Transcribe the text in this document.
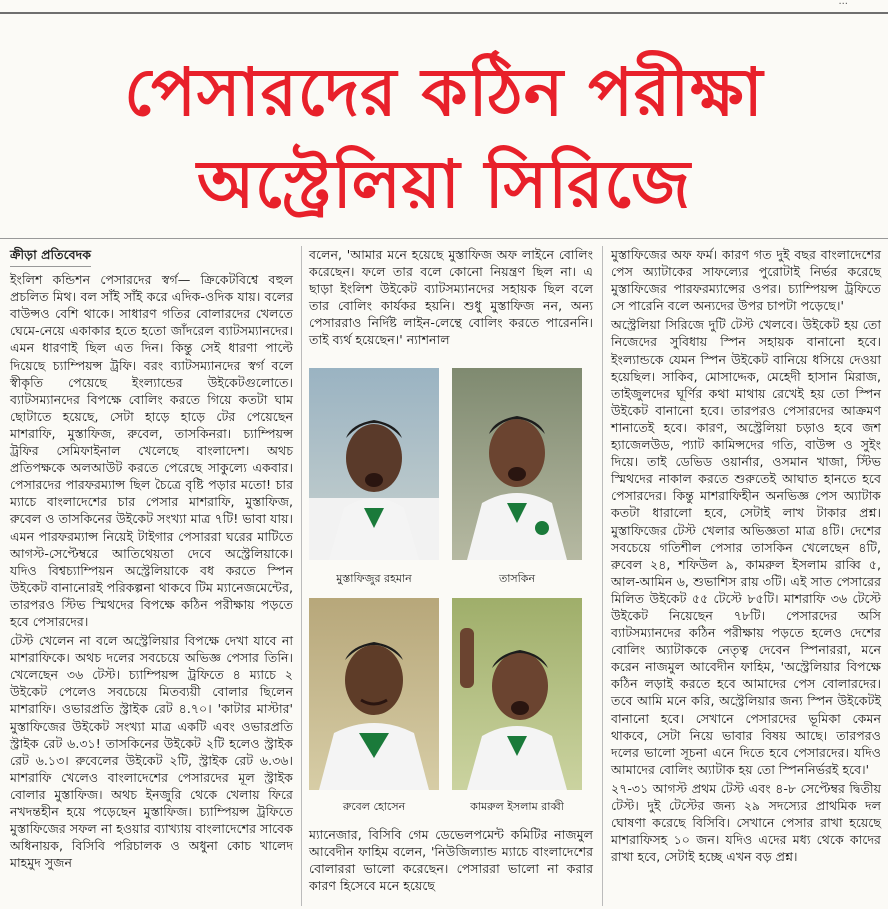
...
পেসারদের কঠিন পরীক্ষা
অস্ট্রেলিয়া সিরিজে
ক্রীড়া প্রতিবেদক

ইংলিশ কন্ডিশন পেসারদের স্বর্গ— ক্রিকেটবিশ্বে বহুল প্রচলিত মিথ। বল সাঁই সাঁই করে এদিক-ওদিক যায়। বলের বাউন্সও বেশি থাকে। সাধারণ গতির বোলারদের খেলতে ঘেমে-নেয়ে একাকার হতে হতো জাঁদরেল ব্যাটসম্যানদের। এমন ধারণাই ছিল এত দিন। কিন্তু সেই ধারণা পাল্টে দিয়েছে চ্যাম্পিয়ন্স ট্রফি। বরং ব্যাটসম্যানদের স্বর্গ বলে স্বীকৃতি পেয়েছে ইংল্যান্ডের উইকেটগুলোতে। ব্যাটসম্যানদের বিপক্ষে বোলিং করতে গিয়ে কতটা ঘাম ছোটাতে হয়েছে, সেটা হাড়ে হাড়ে টের পেয়েছেন মাশরাফি, মুস্তাফিজ, রুবেল, তাসকিনরা। চ্যাম্পিয়ন্স ট্রফির সেমিফাইনাল খেলেছে বাংলাদেশ। অথচ প্রতিপক্ষকে অলআউট করতে পেরেছে সাকুল্যে একবার। পেসারদের পারফরম্যান্স ছিল চৈত্রে বৃষ্টি পড়ার মতো! চার ম্যাচে বাংলাদেশের চার পেসার মাশরাফি, মুস্তাফিজ, রুবেল ও তাসকিনের উইকেট সংখ্যা মাত্র ৭টি! ভাবা যায়। এমন পারফরম্যান্স নিয়েই টাইগার পেসাররা ঘরের মাটিতে আগস্ট-সেপ্টেম্বরে আতিথেয়তা দেবে অস্ট্রেলিয়াকে। যদিও বিশ্বচ্যাম্পিয়ন অস্ট্রেলিয়াকে বধ করতে স্পিন উইকেট বানানোরই পরিকল্পনা থাকবে টিম ম্যানেজমেন্টের, তারপরও স্টিভ স্মিথদের বিপক্ষে কঠিন পরীক্ষায় পড়তে হবে পেসারদের।

টেস্ট খেলেন না বলে অস্ট্রেলিয়ার বিপক্ষে দেখা যাবে না মাশরাফিকে। অথচ দলের সবচেয়ে অভিজ্ঞ পেসার তিনি। খেলেছেন ৩৬ টেস্ট। চ্যাম্পিয়ন্স ট্রফিতে ৪ ম্যাচে ২ উইকেট পেলেও সবচেয়ে মিতব্যয়ী বোলার ছিলেন মাশরাফি। ওভারপ্রতি স্ট্রাইক রেট ৪.৭০। 'কাটার মাস্টার' মুস্তাফিজের উইকেট সংখ্যা মাত্র একটি এবং ওভারপ্রতি স্ট্রাইক রেট ৬.৩১! তাসকিনের উইকেট ২টি হলেও স্ট্রাইক রেট ৬.১৩। রুবেলের উইকেট ২টি, স্ট্রাইক রেট ৬.৩৬। মাশরাফি খেলেও বাংলাদেশের পেসারদের মূল স্ট্রাইক বোলার মুস্তাফিজ। অথচ ইনজুরি থেকে খেলায় ফিরে নখদন্তহীন হয়ে পড়েছেন মুস্তাফিজ। চ্যাম্পিয়ন্স ট্রফিতে মুস্তাফিজের সফল না হওয়ার ব্যাখ্যায় বাংলাদেশের সাবেক অধিনায়ক, বিসিবি পরিচালক ও অধুনা কোচ খালেদ মাহমুদ সুজন

বলেন, 'আমার মনে হয়েছে মুস্তাফিজ অফ লাইনে বোলিং করেছেন। ফলে তার বলে কোনো নিয়ন্ত্রণ ছিল না। এ ছাড়া ইংলিশ উইকেট ব্যাটসম্যানদের সহায়ক ছিল বলে তার বোলিং কার্যকর হয়নি। শুধু মুস্তাফিজ নন, অন্য পেসাররাও নির্দিষ্ট লাইন-লেন্থে বোলিং করতে পারেননি। তাই ব্যর্থ হয়েছেন।' ন্যাশনাল

মুস্তাফিজুর রহমান	তাসকিন
রুবেল হোসেন	কামরুল ইসলাম রাব্বী

ম্যানেজার, বিসিবি গেম ডেভেলপমেন্ট কমিটির নাজমুল আবেদীন ফাহিম বলেন, 'নিউজিল্যান্ড ম্যাচে বাংলাদেশের বোলাররা ভালো করেছেন। পেসাররা ভালো না করার কারণ হিসেবে মনে হয়েছে

মুস্তাফিজের অফ ফর্ম। কারণ গত দুই বছর বাংলাদেশের পেস অ্যাটাকের সাফল্যের পুরোটাই নির্ভর করেছে মুস্তাফিজের পারফরম্যান্সের ওপর। চ্যাম্পিয়ন্স ট্রফিতে সে পারেনি বলে অন্যদের উপর চাপটা পড়েছে।'

অস্ট্রেলিয়া সিরিজে দুটি টেস্ট খেলবে। উইকেট হয় তো নিজেদের সুবিধায় স্পিন সহায়ক বানানো হবে। ইংল্যান্ডকে যেমন স্পিন উইকেট বানিয়ে ধসিয়ে দেওয়া হয়েছিল। সাকিব, মোসাদ্দেক, মেহেদী হাসান মিরাজ, তাইজুলদের ঘূর্ণির কথা মাথায় রেখেই হয় তো স্পিন উইকেট বানানো হবে। তারপরও পেসারদের আক্রমণ শানাতেই হবে। কারণ, অস্ট্রেলিয়া চড়াও হবে জশ হ্যাজেলউড, প্যাট কামিন্সদের গতি, বাউন্স ও সুইং দিয়ে। তাই ডেভিড ওয়ার্নার, ওসমান খাজা, স্টিভ স্মিথদের নাকাল করতে শুরুতেই আঘাত হানতে হবে পেসারদের। কিন্তু মাশরাফিহীন অনভিজ্ঞ পেস অ্যাটাক কতটা ধারালো হবে, সেটাই লাখ টাকার প্রশ্ন। মুস্তাফিজের টেস্ট খেলার অভিজ্ঞতা মাত্র ৪টি। দেশের সবচেয়ে গতিশীল পেসার তাসকিন খেলেছেন ৪টি, রুবেল ২৪, শফিউল ৯, কামরুল ইসলাম রাব্বি ৫, আল-আমিন ৬, শুভাশিস রায় ৩টি। এই সাত পেসারের মিলিত উইকেট ৫৫ টেস্টে ৮৫টি। মাশরাফি ৩৬ টেস্টে উইকেট নিয়েছেন ৭৮টি। পেসারদের অসি ব্যাটসম্যানদের কঠিন পরীক্ষায় পড়তে হলেও দেশের বোলিং অ্যাটাককে নেতৃত্ব দেবেন স্পিনাররা, মনে করেন নাজমুল আবেদীন ফাহিম, 'অস্ট্রেলিয়ার বিপক্ষে কঠিন লড়াই করতে হবে আমাদের পেস বোলারদের। তবে আমি মনে করি, অস্ট্রেলিয়ার জন্য স্পিন উইকেটই বানানো হবে। সেখানে পেসারদের ভূমিকা কেমন থাকবে, সেটা নিয়ে ভাবার বিষয় আছে। তারপরও দলের ভালো সূচনা এনে দিতে হবে পেসারদের। যদিও আমাদের বোলিং অ্যাটাক হয় তো স্পিননির্ভরই হবে।'

২৭-৩১ আগস্ট প্রথম টেস্ট এবং ৪-৮ সেপ্টেম্বর দ্বিতীয় টেস্ট। দুই টেস্টের জন্য ২৯ সদস্যের প্রাথমিক দল ঘোষণা করেছে বিসিবি। সেখানে পেসার রাখা হয়েছে মাশরাফিসহ ১০ জন। যদিও এদের মধ্য থেকে কাদের রাখা হবে, সেটাই হচ্ছে এখন বড় প্রশ্ন।
